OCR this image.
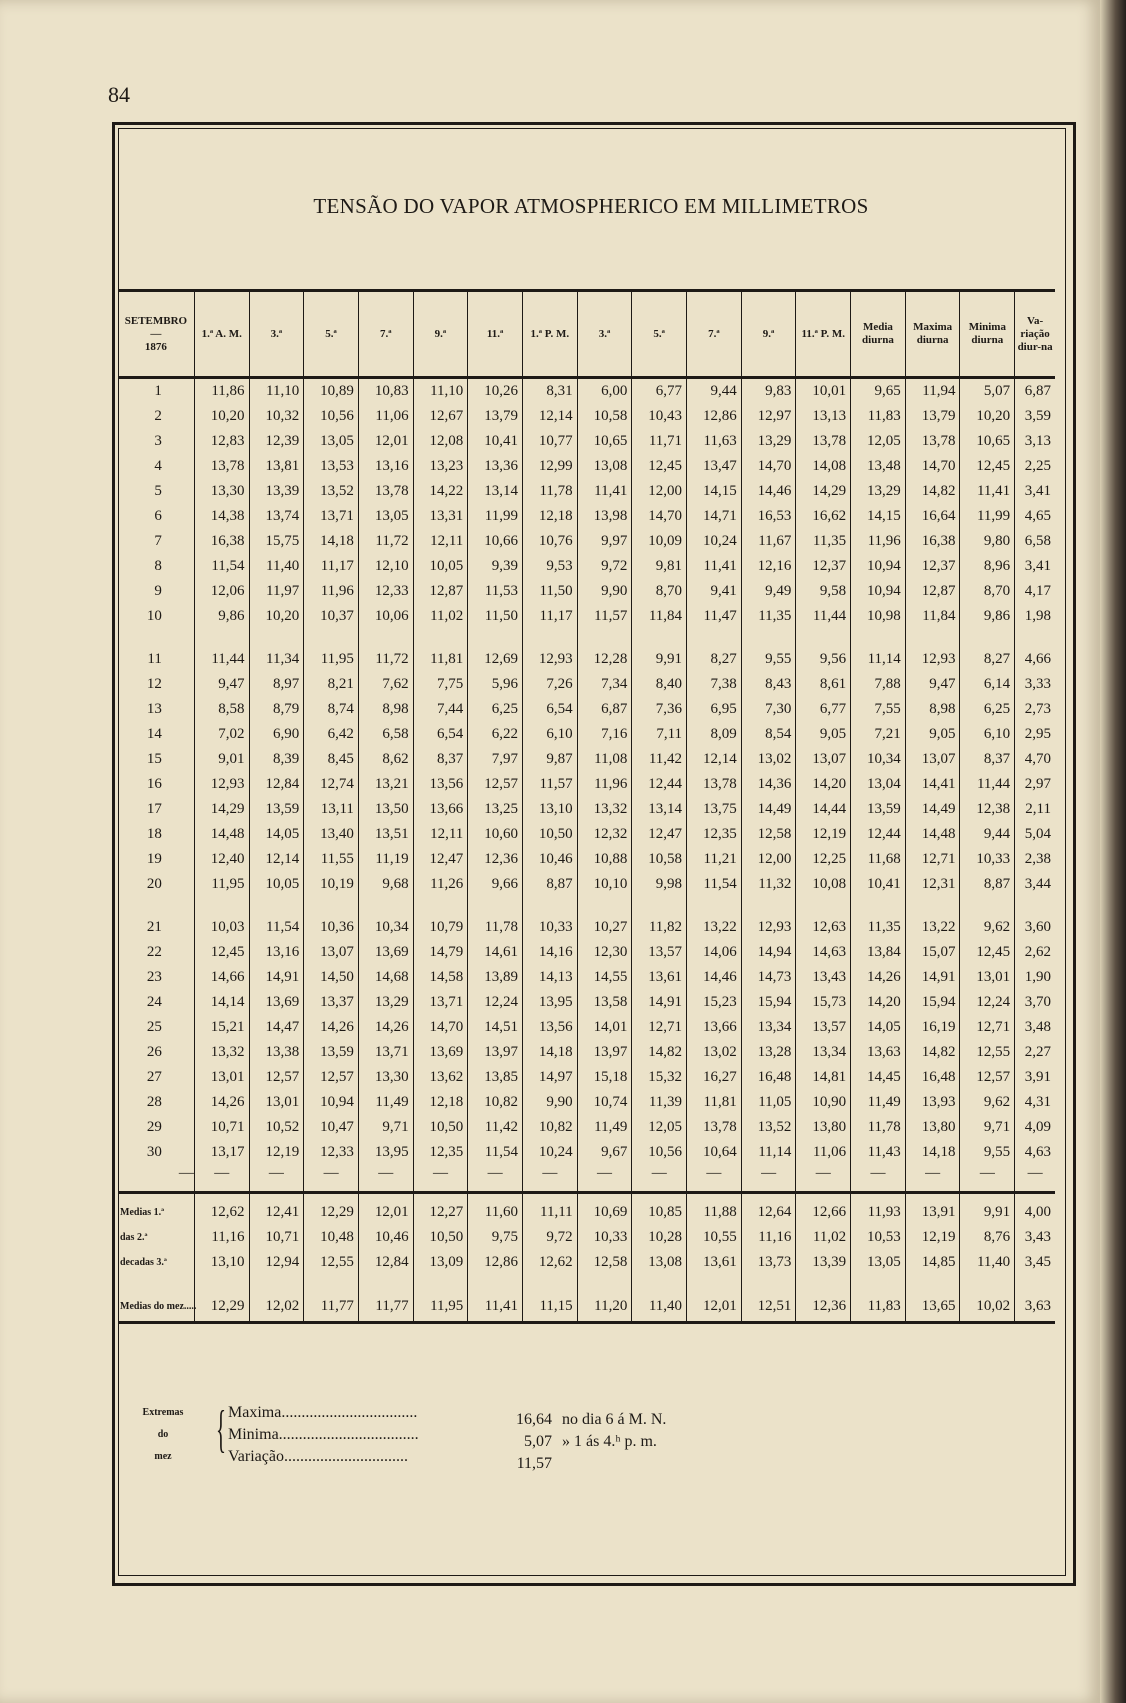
84
TENSÃO DO VAPOR ATMOSPHERICO EM MILLIMETROS
SETEMBRO
—
1876	1.ª A. M.	3.ª	5.ª	7.ª	9.ª	11.ª	1.ª P. M.	3.ª	5.ª	7.ª	9.ª	11.ª P. M.	Media diurna	Maxima diurna	Minima diurna	Va-riação diur-na
1	11,86	11,10	10,89	10,83	11,10	10,26	8,31	6,00	6,77	9,44	9,83	10,01	9,65	11,94	5,07	6,87
2	10,20	10,32	10,56	11,06	12,67	13,79	12,14	10,58	10,43	12,86	12,97	13,13	11,83	13,79	10,20	3,59
3	12,83	12,39	13,05	12,01	12,08	10,41	10,77	10,65	11,71	11,63	13,29	13,78	12,05	13,78	10,65	3,13
4	13,78	13,81	13,53	13,16	13,23	13,36	12,99	13,08	12,45	13,47	14,70	14,08	13,48	14,70	12,45	2,25
5	13,30	13,39	13,52	13,78	14,22	13,14	11,78	11,41	12,00	14,15	14,46	14,29	13,29	14,82	11,41	3,41
6	14,38	13,74	13,71	13,05	13,31	11,99	12,18	13,98	14,70	14,71	16,53	16,62	14,15	16,64	11,99	4,65
7	16,38	15,75	14,18	11,72	12,11	10,66	10,76	9,97	10,09	10,24	11,67	11,35	11,96	16,38	9,80	6,58
8	11,54	11,40	11,17	12,10	10,05	9,39	9,53	9,72	9,81	11,41	12,16	12,37	10,94	12,37	8,96	3,41
9	12,06	11,97	11,96	12,33	12,87	11,53	11,50	9,90	8,70	9,41	9,49	9,58	10,94	12,87	8,70	4,17
10	9,86	10,20	10,37	10,06	11,02	11,50	11,17	11,57	11,84	11,47	11,35	11,44	10,98	11,84	9,86	1,98

11	11,44	11,34	11,95	11,72	11,81	12,69	12,93	12,28	9,91	8,27	9,55	9,56	11,14	12,93	8,27	4,66
12	9,47	8,97	8,21	7,62	7,75	5,96	7,26	7,34	8,40	7,38	8,43	8,61	7,88	9,47	6,14	3,33
13	8,58	8,79	8,74	8,98	7,44	6,25	6,54	6,87	7,36	6,95	7,30	6,77	7,55	8,98	6,25	2,73
14	7,02	6,90	6,42	6,58	6,54	6,22	6,10	7,16	7,11	8,09	8,54	9,05	7,21	9,05	6,10	2,95
15	9,01	8,39	8,45	8,62	8,37	7,97	9,87	11,08	11,42	12,14	13,02	13,07	10,34	13,07	8,37	4,70
16	12,93	12,84	12,74	13,21	13,56	12,57	11,57	11,96	12,44	13,78	14,36	14,20	13,04	14,41	11,44	2,97
17	14,29	13,59	13,11	13,50	13,66	13,25	13,10	13,32	13,14	13,75	14,49	14,44	13,59	14,49	12,38	2,11
18	14,48	14,05	13,40	13,51	12,11	10,60	10,50	12,32	12,47	12,35	12,58	12,19	12,44	14,48	9,44	5,04
19	12,40	12,14	11,55	11,19	12,47	12,36	10,46	10,88	10,58	11,21	12,00	12,25	11,68	12,71	10,33	2,38
20	11,95	10,05	10,19	9,68	11,26	9,66	8,87	10,10	9,98	11,54	11,32	10,08	10,41	12,31	8,87	3,44

21	10,03	11,54	10,36	10,34	10,79	11,78	10,33	10,27	11,82	13,22	12,93	12,63	11,35	13,22	9,62	3,60
22	12,45	13,16	13,07	13,69	14,79	14,61	14,16	12,30	13,57	14,06	14,94	14,63	13,84	15,07	12,45	2,62
23	14,66	14,91	14,50	14,68	14,58	13,89	14,13	14,55	13,61	14,46	14,73	13,43	14,26	14,91	13,01	1,90
24	14,14	13,69	13,37	13,29	13,71	12,24	13,95	13,58	14,91	15,23	15,94	15,73	14,20	15,94	12,24	3,70
25	15,21	14,47	14,26	14,26	14,70	14,51	13,56	14,01	12,71	13,66	13,34	13,57	14,05	16,19	12,71	3,48
26	13,32	13,38	13,59	13,71	13,69	13,97	14,18	13,97	14,82	13,02	13,28	13,34	13,63	14,82	12,55	2,27
27	13,01	12,57	12,57	13,30	13,62	13,85	14,97	15,18	15,32	16,27	16,48	14,81	14,45	16,48	12,57	3,91
28	14,26	13,01	10,94	11,49	12,18	10,82	9,90	10,74	11,39	11,81	11,05	10,90	11,49	13,93	9,62	4,31
29	10,71	10,52	10,47	9,71	10,50	11,42	10,82	11,49	12,05	13,78	13,52	13,80	11,78	13,80	9,71	4,09
30	13,17	12,19	12,33	13,95	12,35	11,54	10,24	9,67	10,56	10,64	11,14	11,06	11,43	14,18	9,55	4,63
—	—	—	—	—	—	—	—	—	—	—	—	—	—	—	—	—

Medias 1.ª	12,62	12,41	12,29	12,01	12,27	11,60	11,11	10,69	10,85	11,88	12,64	12,66	11,93	13,91	9,91	4,00
das 2.ª	11,16	10,71	10,48	10,46	10,50	9,75	9,72	10,33	10,28	10,55	11,16	11,02	10,53	12,19	8,76	3,43
decadas 3.ª	13,10	12,94	12,55	12,84	13,09	12,86	12,62	12,58	13,08	13,61	13,73	13,39	13,05	14,85	11,40	3,45
Medias do mez.....	12,29	12,02	11,77	11,77	11,95	11,41	11,15	11,20	11,40	12,01	12,51	12,36	11,83	13,65	10,02	3,63
Extremas
do
mez { Maxima..................................	16,64 no dia 6 á M. N.
Minima...................................	5,07 » 1 ás 4.ʰ p. m.
Variação...............................	11,57
